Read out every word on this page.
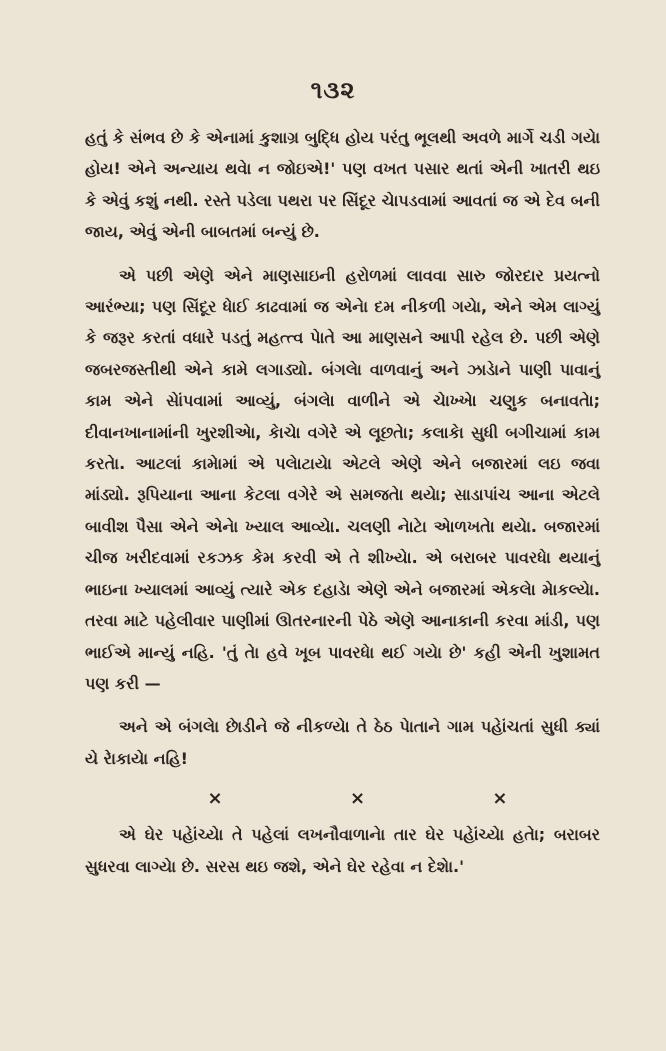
૧૩૨

હતું કે સંભવ છે કે એનામાં કુશાગ્ર બુદ્ધિ હોય પરંતુ ભૂલથી અવળે માર્ગે ચડી ગયેા હોય! એને અન્યાય થવેા ન જોઇએ!' પણ વખત પસાર થતાં એની ખાતરી થઇ કે એવું કશું નથી. રસ્તે પડેલા પથરા પર સિંદૂર ચેાપડવામાં આવતાં જ એ દેવ બની જાય, એવું એની બાબતમાં બન્યું છે.

એ પછી એણે એને માણસાઇની હરોળમાં લાવવા સારુ જોરદાર પ્રયત્નો આરંભ્યા; પણ સિંદૂર ધેાઈ કાઢવામાં જ એનેા દમ નીકળી ગયેા, એને એમ લાગ્યું કે જરૂર કરતાં વધારે પડતું મહત્ત્વ પેાતે આ માણસને આપી રહેલ છે. પછી એણે જબરજસ્તીથી એને કામે લગાડ્યો. બંગલેા વાળવાનું અને ઝાડેાને પાણી પાવાનું કામ એને સેાંપવામાં આવ્યું, બંગલેા વાળીને એ ચેાખ્ખેા ચણુક બનાવતેા; દીવાનખાનામાંની ખુરશીએા, કેાચેા વગેરે એ લૂછતેા; કલાકેા સુધી બગીચામાં કામ કરતેા. આટલાં કામેામાં એ પલેાટાયેા એટલે એણે એને બજારમાં લઇ જવા માંડ્યો. રૂપિયાના આના કેટલા વગેરે એ સમજતેા થયેા; સાડાપાંચ આના એટલે બાવીશ પૈસા એને એનેા ખ્યાલ આવ્યેા. ચલણી નેાટેા એાળખતેા થયેા. બજારમાં ચીજ ખરીદવામાં રકઝક કેમ કરવી એ તે શીખ્યેા. એ બરાબર પાવરધેા થયાનું ભાઇના ખ્યાલમાં આવ્યું ત્યારે એક દહાડેા એણે એને બજારમાં એકલેા મેાકલ્યેા. તરવા માટે પહેલીવાર પાણીમાં ઊતરનારની પેઠે એણે આનાકાની કરવા માંડી, પણ ભાઈએ માન્યું નહિ. 'તું તેા હવે ખૂબ પાવરધેા થઈ ગયેા છે' કહી એની ખુશામત પણ કરી —

અને એ બંગલેા છેાડીને જે નીકળ્યેા તે ઠેઠ પેાતાને ગામ પહેાંચતાં સુધી ક્યાં યે રેાકાયેા નહિ!

×	×	×

એ ઘેર પહેાંચ્યેા તે પહેલાં લખનૌવાળાનેા તાર ઘેર પહેાંચ્યેા હતેા; બરાબર સુધરવા લાગ્યેા છે. સરસ થઇ જશે, એને ઘેર રહેવા ન દેશેા.'
